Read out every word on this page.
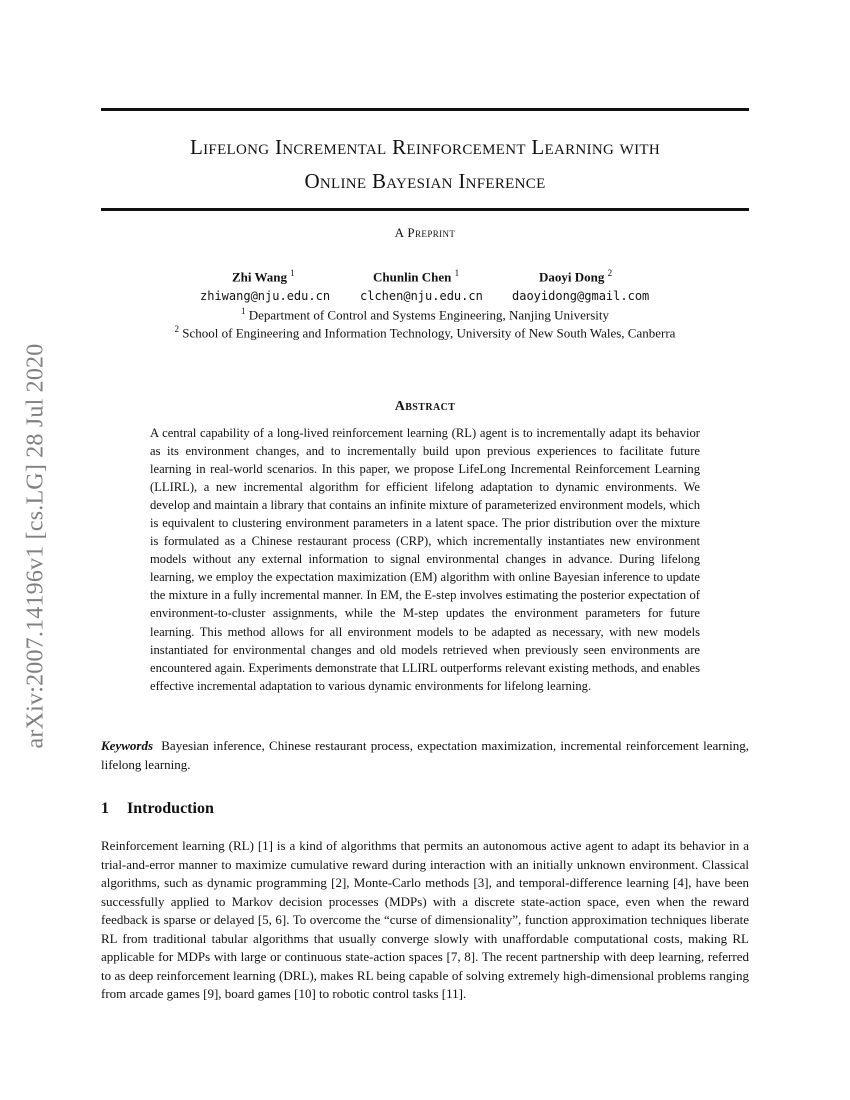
arXiv:2007.14196v1 [cs.LG] 28 Jul 2020
Lifelong Incremental Reinforcement Learning with
Online Bayesian Inference
A Preprint
Zhi Wang $^1$	Chunlin Chen $^1$	Daoyi Dong $^2$
zhiwang@nju.edu.cn clchen@nju.edu.cn daoyidong@gmail.com
$^1$ Department of Control and Systems Engineering, Nanjing University
$^2$ School of Engineering and Information Technology, University of New South Wales, Canberra
Abstract
A central capability of a long-lived reinforcement learning (RL) agent is to incrementally adapt its behavior as its environment changes, and to incrementally build upon previous experiences to facilitate future learning in real-world scenarios. In this paper, we propose LifeLong Incremental Reinforcement Learning (LLIRL), a new incremental algorithm for efficient lifelong adaptation to dynamic environments. We develop and maintain a library that contains an infinite mixture of parameterized environment models, which is equivalent to clustering environment parameters in a latent space. The prior distribution over the mixture is formulated as a Chinese restaurant process (CRP), which incrementally instantiates new environment models without any external information to signal environmental changes in advance. During lifelong learning, we employ the expectation maximization (EM) algorithm with online Bayesian inference to update the mixture in a fully incremental manner. In EM, the E-step involves estimating the posterior expectation of environment-to-cluster assignments, while the M-step updates the environment parameters for future learning. This method allows for all environment models to be adapted as necessary, with new models instantiated for environmental changes and old models retrieved when previously seen environments are encountered again. Experiments demonstrate that LLIRL outperforms relevant existing methods, and enables effective incremental adaptation to various dynamic environments for lifelong learning.
Keywords Bayesian inference, Chinese restaurant process, expectation maximization, incremental reinforcement learning, lifelong learning.
1 Introduction
Reinforcement learning (RL) [1] is a kind of algorithms that permits an autonomous active agent to adapt its behavior in a trial-and-error manner to maximize cumulative reward during interaction with an initially unknown environment. Classical algorithms, such as dynamic programming [2], Monte-Carlo methods [3], and temporal-difference learning [4], have been successfully applied to Markov decision processes (MDPs) with a discrete state-action space, even when the reward feedback is sparse or delayed [5, 6]. To overcome the “curse of dimensionality”, function approximation techniques liberate RL from traditional tabular algorithms that usually converge slowly with unaffordable computational costs, making RL applicable for MDPs with large or continuous state-action spaces [7, 8]. The recent partnership with deep learning, referred to as deep reinforcement learning (DRL), makes RL being capable of solving extremely high-dimensional problems ranging from arcade games [9], board games [10] to robotic control tasks [11].
